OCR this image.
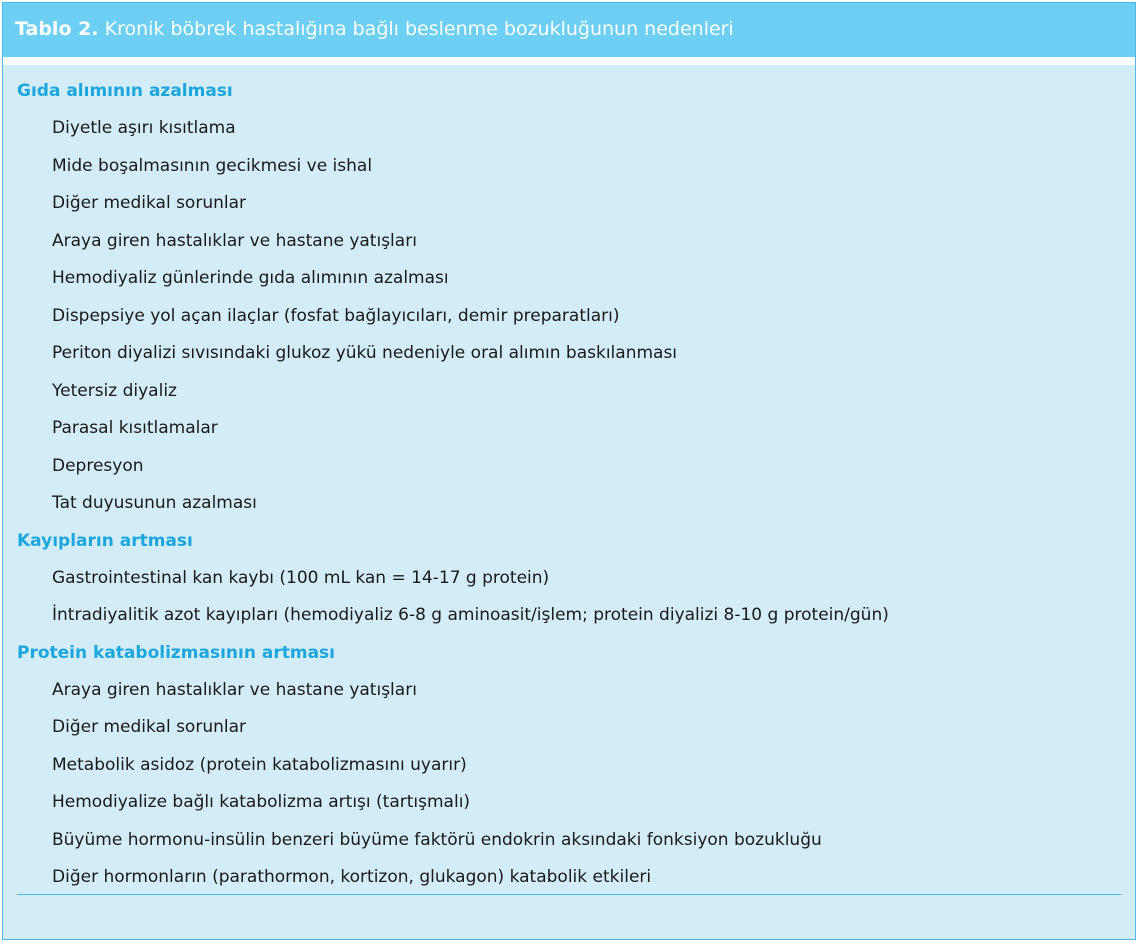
Tablo 2. Kronik böbrek hastalığına bağlı beslenme bozukluğunun nedenleri
Gıda alımının azalması
Diyetle aşırı kısıtlama
Mide boşalmasının gecikmesi ve ishal
Diğer medikal sorunlar
Araya giren hastalıklar ve hastane yatışları
Hemodiyaliz günlerinde gıda alımının azalması
Dispepsiye yol açan ilaçlar (fosfat bağlayıcıları, demir preparatları)
Periton diyalizi sıvısındaki glukoz yükü nedeniyle oral alımın baskılanması
Yetersiz diyaliz
Parasal kısıtlamalar
Depresyon
Tat duyusunun azalması
Kayıpların artması
Gastrointestinal kan kaybı (100 mL kan = 14-17 g protein)
İntradiyalitik azot kayıpları (hemodiyaliz 6-8 g aminoasit/işlem; protein diyalizi 8-10 g protein/gün)
Protein katabolizmasının artması
Araya giren hastalıklar ve hastane yatışları
Diğer medikal sorunlar
Metabolik asidoz (protein katabolizmasını uyarır)
Hemodiyalize bağlı katabolizma artışı (tartışmalı)
Büyüme hormonu-insülin benzeri büyüme faktörü endokrin aksındaki fonksiyon bozukluğu
Diğer hormonların (parathormon, kortizon, glukagon) katabolik etkileri
